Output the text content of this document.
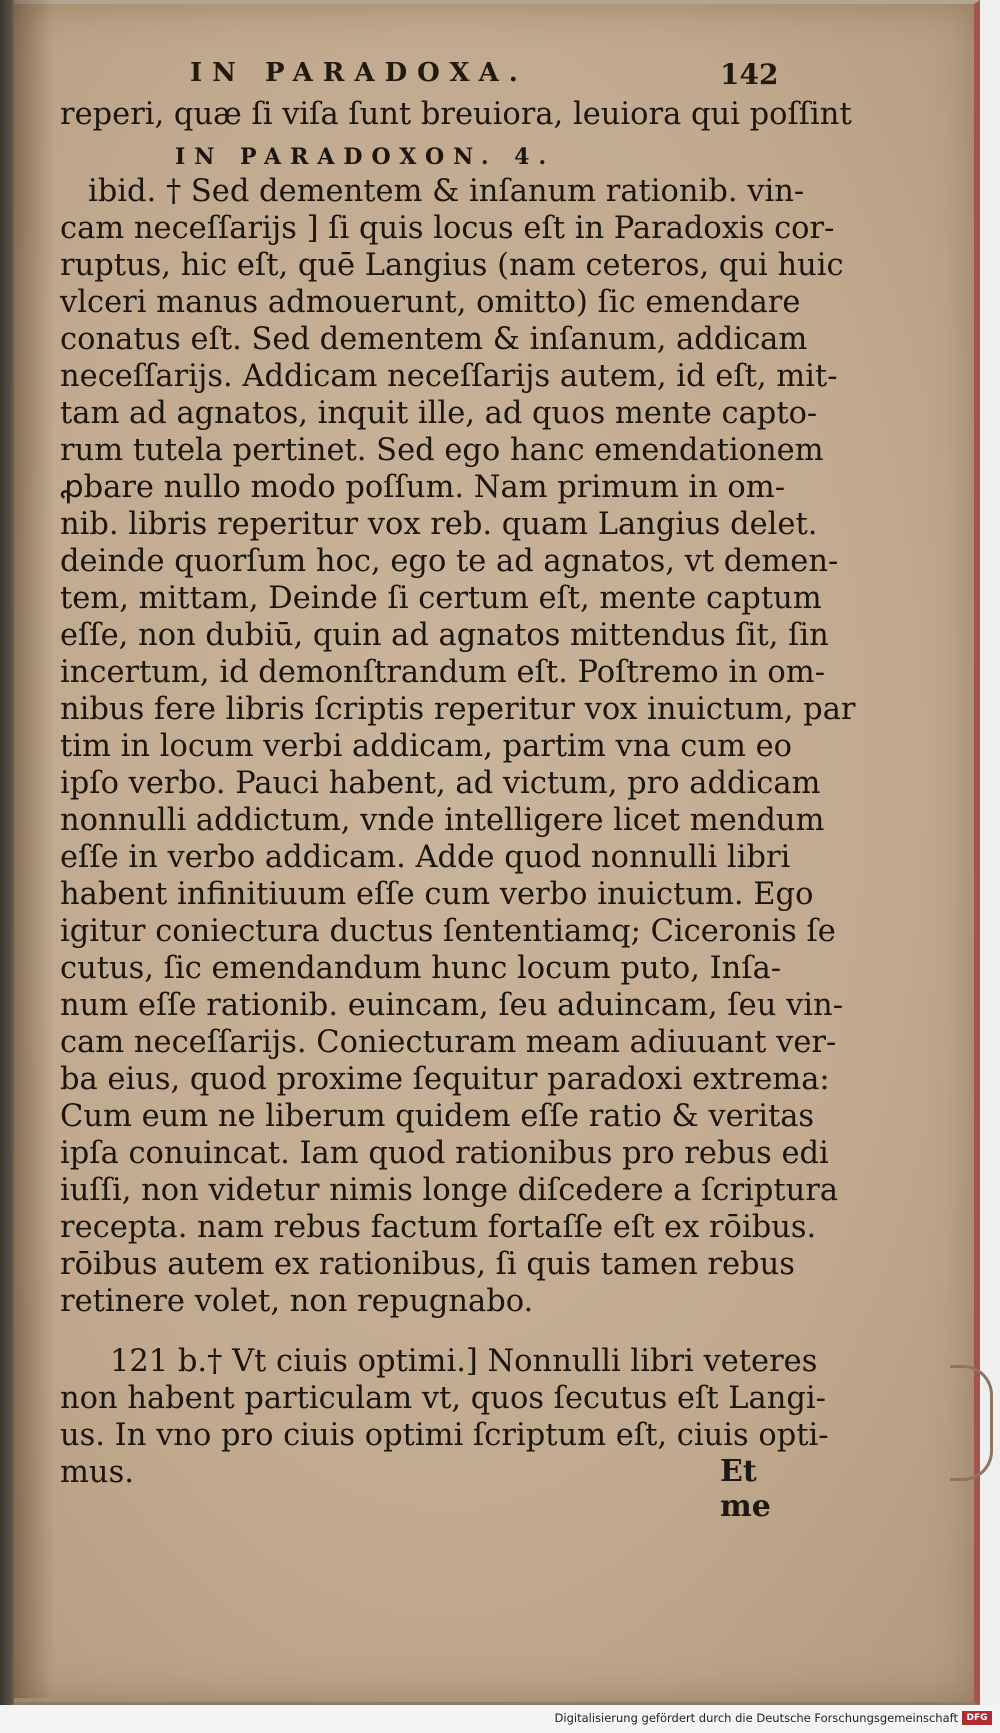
IN PARADOXA.	142
reperi, quæ ſi viſa ſunt breuiora, leuiora qui poſſint
IN PARADOXON. 4.
ibid. † Sed dementem & inſanum rationib. vin-
cam neceſſarijs ] ſi quis locus eſt in Paradoxis cor-
ruptus, hic eſt, quē Langius (nam ceteros, qui huic
vlceri manus admouerunt, omitto) ſic emendare
conatus eſt. Sed dementem & inſanum, addicam
neceſſarijs. Addicam neceſſarijs autem, id eſt, mit-
tam ad agnatos, inquit ille, ad quos mente capto-
rum tutela pertinet. Sed ego hanc emendationem
ꝓbare nullo modo poſſum. Nam primum in om-
nib. libris reperitur vox reb. quam Langius delet.
deinde quorſum hoc, ego te ad agnatos, vt demen-
tem, mittam, Deinde ſi certum eſt, mente captum
eſſe, non dubiū, quin ad agnatos mittendus ſit, ſin
incertum, id demonſtrandum eſt. Poſtremo in om-
nibus fere libris ſcriptis reperitur vox inuictum, par
tim in locum verbi addicam, partim vna cum eo
ipſo verbo. Pauci habent, ad victum, pro addicam
nonnulli addictum, vnde intelligere licet mendum
eſſe in verbo addicam. Adde quod nonnulli libri
habent infinitiuum eſſe cum verbo inuictum. Ego
igitur coniectura ductus ſententiamq; Ciceronis ſe
cutus, ſic emendandum hunc locum puto, Inſa-
num eſſe rationib. euincam, ſeu aduincam, ſeu vin-
cam neceſſarijs. Coniecturam meam adiuuant ver-
ba eius, quod proxime ſequitur paradoxi extrema:
Cum eum ne liberum quidem eſſe ratio & veritas
ipſa conuincat. Iam quod rationibus pro rebus edi
iuſſi, non videtur nimis longe diſcedere a ſcriptura
recepta. nam rebus factum fortaſſe eſt ex rōibus.
rōibus autem ex rationibus, ſi quis tamen rebus
retinere volet, non repugnabo.
121 b.† Vt ciuis optimi.] Nonnulli libri veteres
non habent particulam vt, quos ſecutus eſt Langi-
us. In vno pro ciuis optimi ſcriptum eſt, ciuis opti-
mus.	Et me
Digitalisierung gefördert durch die Deutsche Forschungsgemeinschaft DFG
